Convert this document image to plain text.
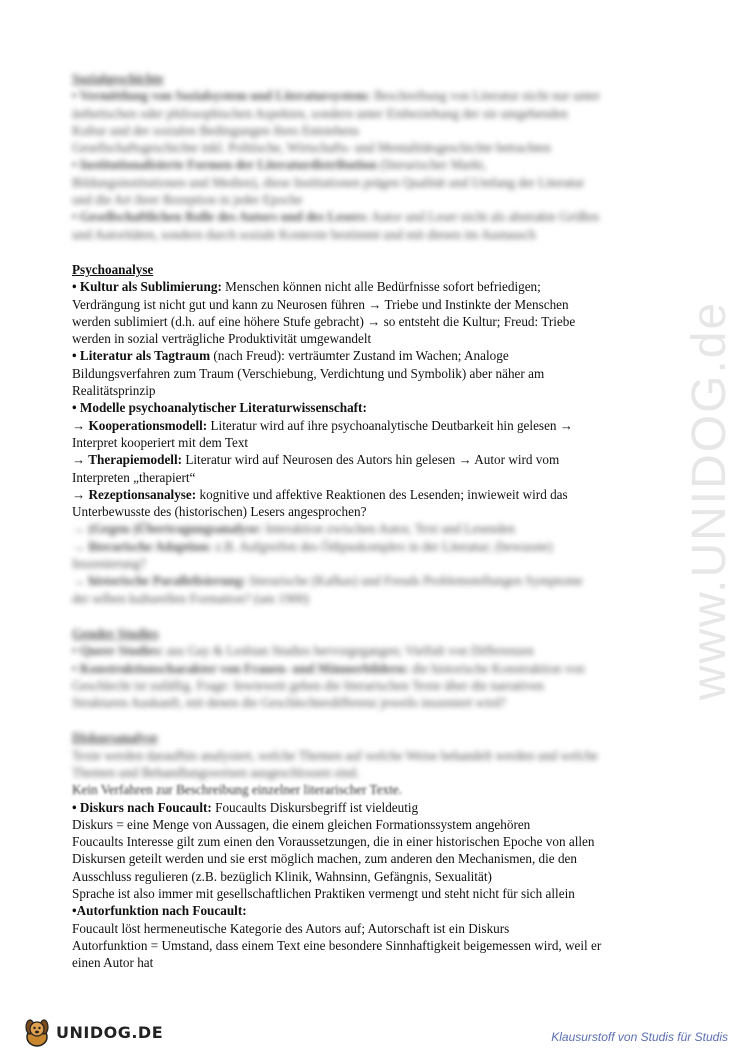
www.UNIDOG.de
Sozialgeschichte
• Vermittlung von Sozialsystem und Literatursystem: Beschreibung von Literatur nicht nur unter
ästhetischen oder philosophischen Aspekten, sondern unter Einbeziehung der sie umgebenden
Kultur und der sozialen Bedingungen ihres Entstehens
Gesellschaftsgeschichte inkl. Politische, Wirtschafts- und Mentalitätsgeschichte betrachten
• Institutionalisierte Formen der Literaturdistribution (literarischer Markt,
Bildungsinstitutionen und Medien), diese Institutionen prägen Qualität und Umfang der Literatur
und die Art ihrer Rezeption in jeder Epoche
• Gesellschaftlichen Rolle des Autors und des Lesers: Autor und Leser nicht als abstrakte Größen
und Autoritäten, sondern durch soziale Kontexte bestimmt und mit diesen im Austausch
Psychoanalyse
• Kultur als Sublimierung: Menschen können nicht alle Bedürfnisse sofort befriedigen;
Verdrängung ist nicht gut und kann zu Neurosen führen → Triebe und Instinkte der Menschen
werden sublimiert (d.h. auf eine höhere Stufe gebracht) → so entsteht die Kultur; Freud: Triebe
werden in sozial verträgliche Produktivität umgewandelt
• Literatur als Tagtraum (nach Freud): verträumter Zustand im Wachen; Analoge
Bildungsverfahren zum Traum (Verschiebung, Verdichtung und Symbolik) aber näher am
Realitätsprinzip
• Modelle psychoanalytischer Literaturwissenschaft:
→ Kooperationsmodell: Literatur wird auf ihre psychoanalytische Deutbarkeit hin gelesen →
Interpret kooperiert mit dem Text
→ Therapiemodell: Literatur wird auf Neurosen des Autors hin gelesen → Autor wird vom
Interpreten „therapiert“
→ Rezeptionsanalyse: kognitive und affektive Reaktionen des Lesenden; inwieweit wird das
Unterbewusste des (historischen) Lesers angesprochen?
→ (Gegen-)Übertragungsanalyse: Interaktion zwischen Autor, Text und Lesenden
→ literarische Adaption: z.B. Aufgreifen des Ödipuskomplex in der Literatur; (bewusste)
Inszenierung?
→ historische Parallelisierung: literarische (Kafkas) und Freuds Problemstellungen Symptome
der selben kulturellen Formation? (um 1900)
Gender Studies
• Queer Studies: aus Gay & Lesbian Studies hervorgegangen; Vielfalt von Differenzen
• Konstruktionscharakter von Frauen- und Männerbildern: die historische Konstruktion von
Geschlecht ist zufällig. Frage: Inwieweit geben die literarischen Texte über die narrativen
Strukturen Auskunft, mit denen die Geschlechterdifferenz jeweils inszeniert wird?
Diskursanalyse
Texte werden daraufhin analysiert, welche Themen auf welche Weise behandelt werden und welche
Themen und Behandlungsweisen ausgeschlossen sind.
Kein Verfahren zur Beschreibung einzelner literarischer Texte.
• Diskurs nach Foucault: Foucaults Diskursbegriff ist vieldeutig
Diskurs = eine Menge von Aussagen, die einem gleichen Formationssystem angehören
Foucaults Interesse gilt zum einen den Voraussetzungen, die in einer historischen Epoche von allen
Diskursen geteilt werden und sie erst möglich machen, zum anderen den Mechanismen, die den
Ausschluss regulieren (z.B. bezüglich Klinik, Wahnsinn, Gefängnis, Sexualität)
Sprache ist also immer mit gesellschaftlichen Praktiken vermengt und steht nicht für sich allein
•Autorfunktion nach Foucault:
Foucault löst hermeneutische Kategorie des Autors auf; Autorschaft ist ein Diskurs
Autorfunktion = Umstand, dass einem Text eine besondere Sinnhaftigkeit beigemessen wird, weil er
einen Autor hat
UNIDOG.DE	Klausurstoff von Studis für Studis
